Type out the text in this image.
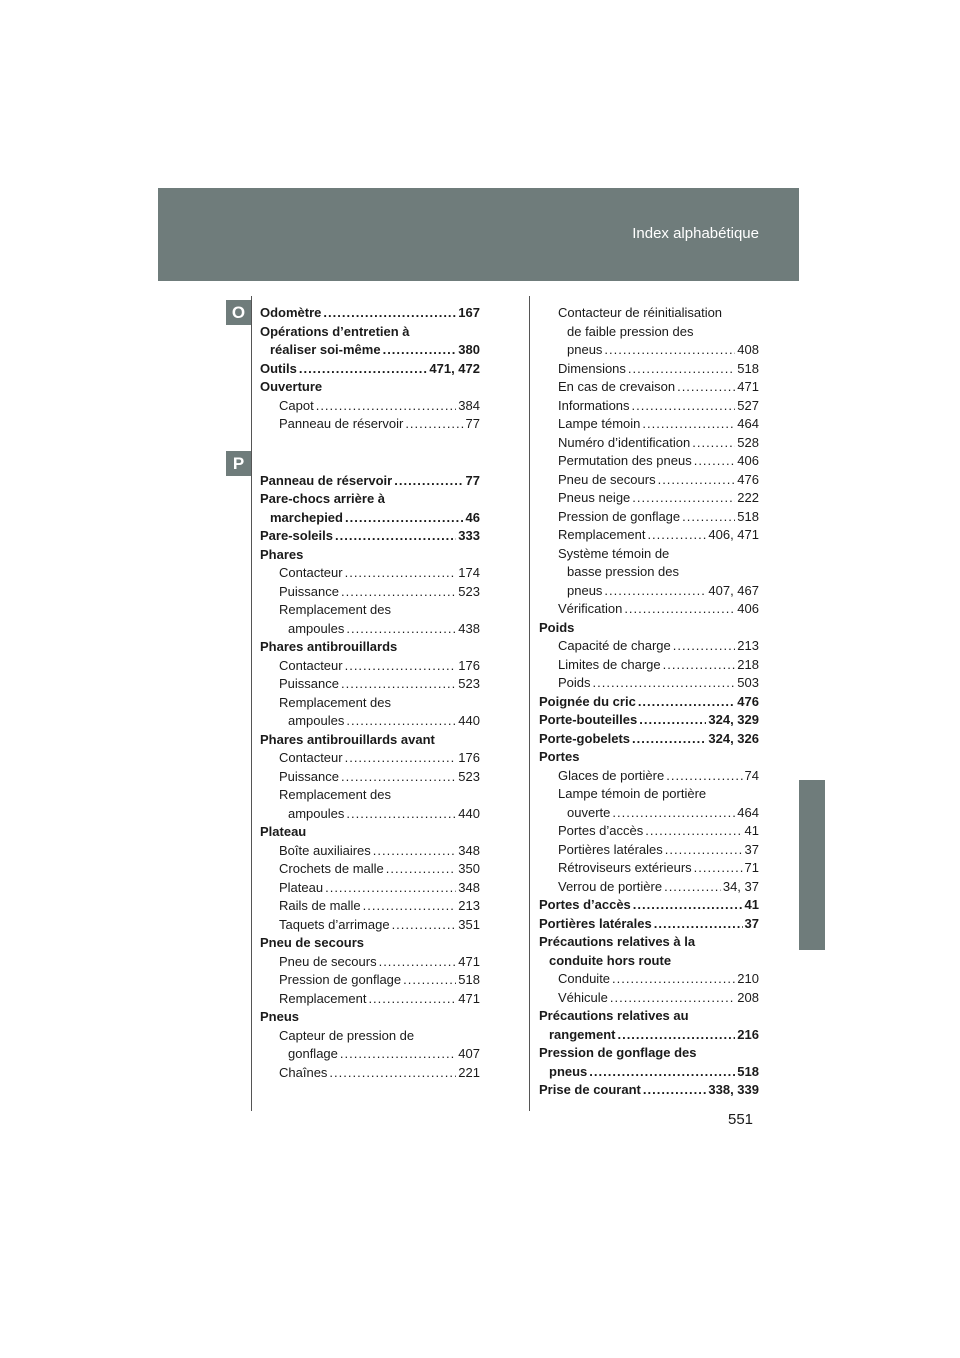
Index alphabétique
O
P
Odomètre .....	167
Opérations d’entretien à
réaliser soi-même .....	380
Outils .....	471, 472
Ouverture
Capot .....	384
Panneau de réservoir .....	77
Panneau de réservoir .....	77
Pare-chocs arrière à
marchepied .....	46
Pare-soleils .....	333
Phares
Contacteur .....	174
Puissance .....	523
Remplacement des
ampoules .....	438
Phares antibrouillards
Contacteur .....	176
Puissance .....	523
Remplacement des
ampoules .....	440
Phares antibrouillards avant
Contacteur .....	176
Puissance .....	523
Remplacement des
ampoules .....	440
Plateau
Boîte auxiliaires .....	348
Crochets de malle .....	350
Plateau .....	348
Rails de malle .....	213
Taquets d’arrimage .....	351
Pneu de secours
Pneu de secours .....	471
Pression de gonflage .....	518
Remplacement .....	471
Pneus
Capteur de pression de
gonflage .....	407
Chaînes .....	221
Contacteur de réinitialisation
de faible pression des
pneus .....	408
Dimensions .....	518
En cas de crevaison .....	471
Informations .....	527
Lampe témoin .....	464
Numéro d’identification .....	528
Permutation des pneus .....	406
Pneu de secours .....	476
Pneus neige .....	222
Pression de gonflage .....	518
Remplacement .....	406, 471
Système témoin de
basse pression des
pneus .....	407, 467
Vérification .....	406
Poids
Capacité de charge .....	213
Limites de charge .....	218
Poids .....	503
Poignée du cric .....	476
Porte-bouteilles .....	324, 329
Porte-gobelets .....	324, 326
Portes
Glaces de portière .....	74
Lampe témoin de portière
ouverte .....	464
Portes d’accès .....	41
Portières latérales .....	37
Rétroviseurs extérieurs .....	71
Verrou de portière .....	34, 37
Portes d’accès .....	41
Portières latérales .....	37
Précautions relatives à la
conduite hors route
Conduite .....	210
Véhicule .....	208
Précautions relatives au
rangement .....	216
Pression de gonflage des
pneus .....	518
Prise de courant .....	338, 339
551
